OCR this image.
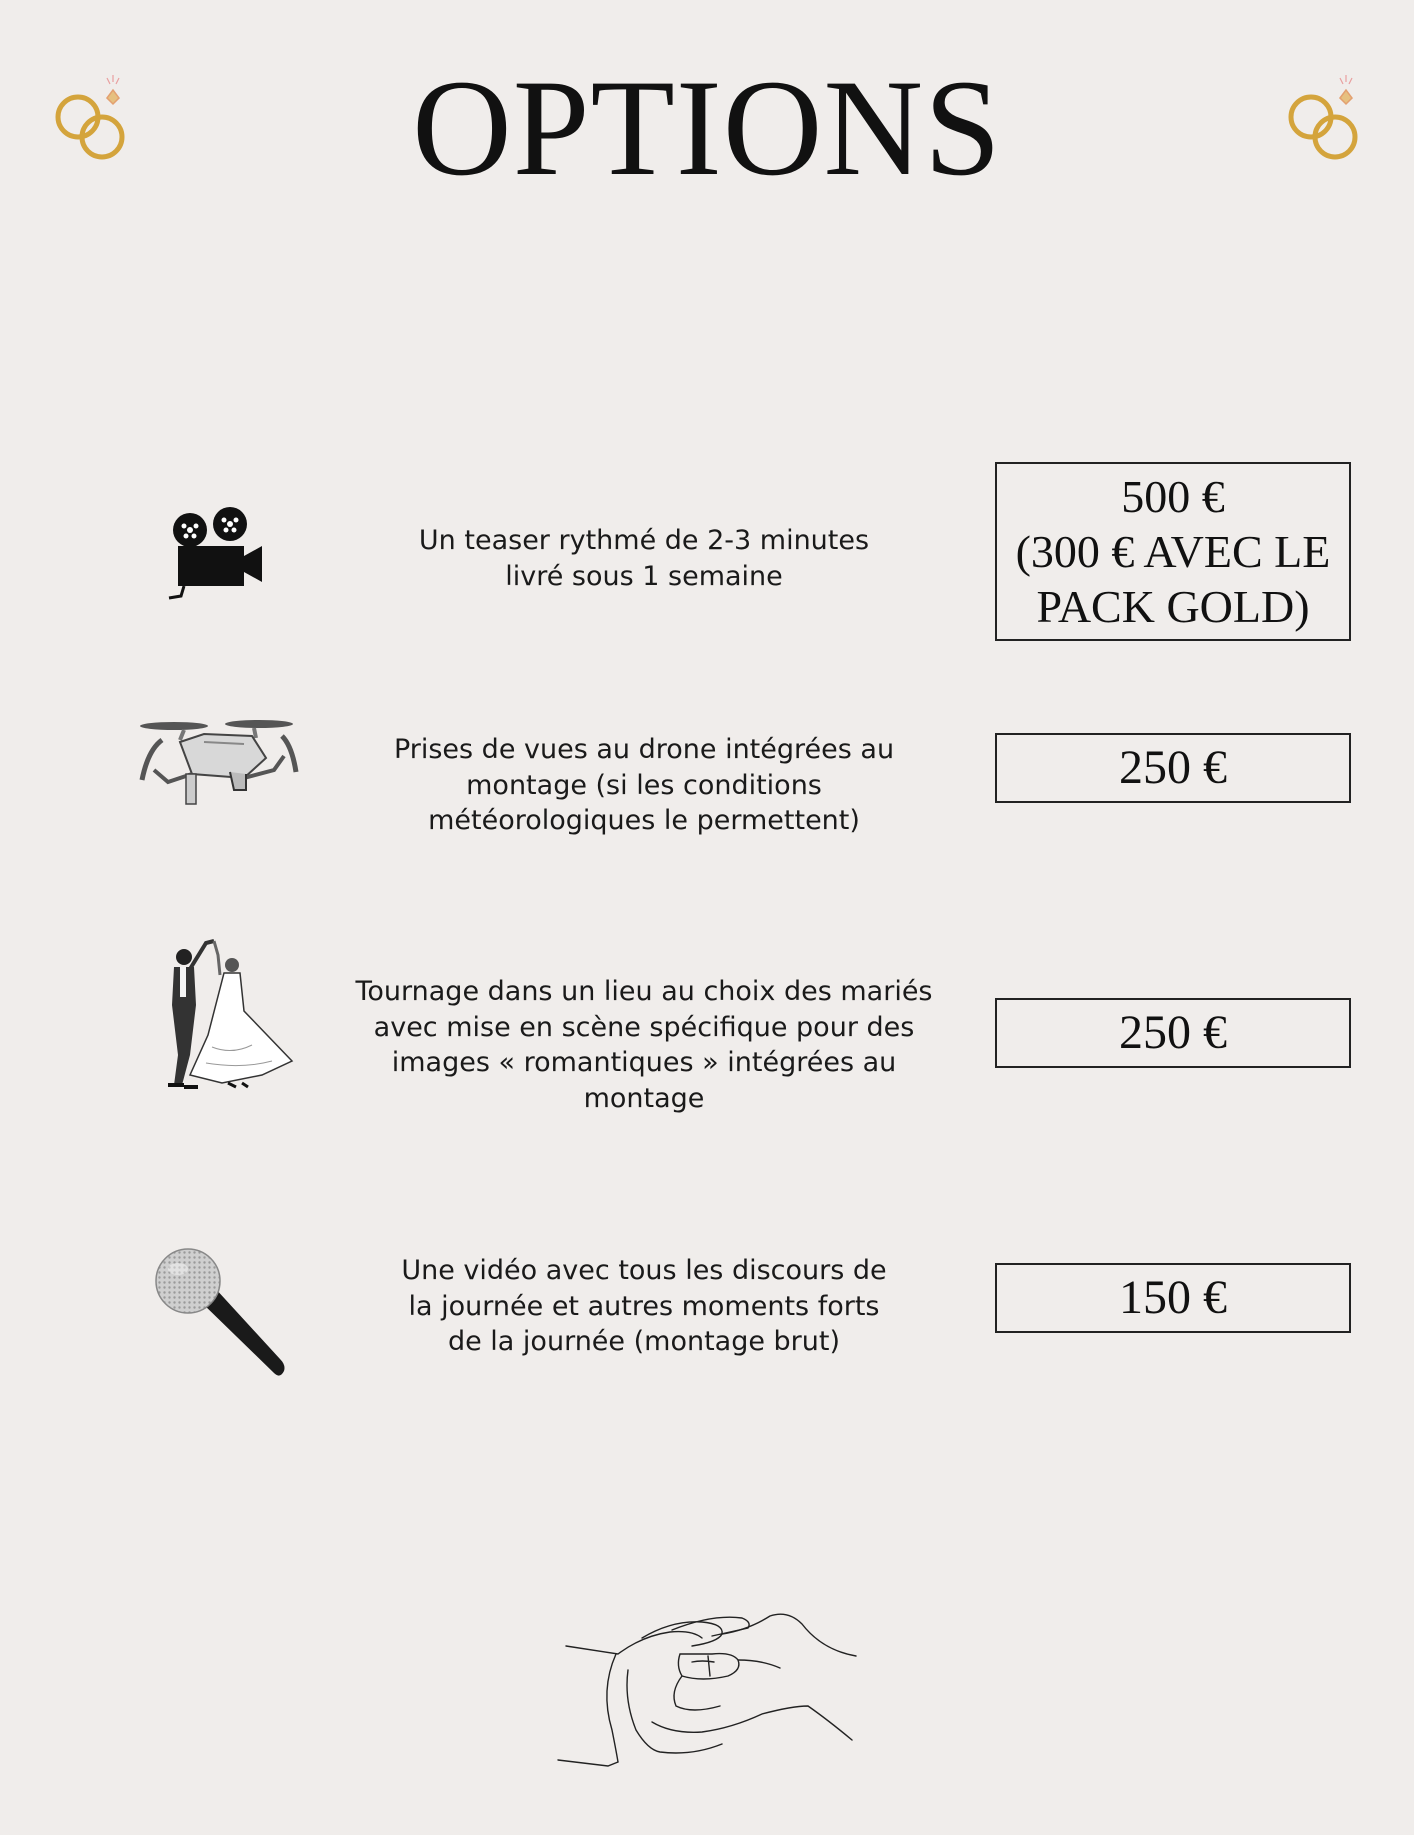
OPTIONS
Un teaser rythmé de 2-3 minutes livré sous 1 semaine
500 €
(300 € AVEC LE
PACK GOLD)
Prises de vues au drone intégrées au montage (si les conditions météorologiques le permettent)
250 €
Tournage dans un lieu au choix des mariés avec mise en scène spécifique pour des images « romantiques » intégrées au montage
250 €
Une vidéo avec tous les discours de la journée et autres moments forts de la journée (montage brut)
150 €
